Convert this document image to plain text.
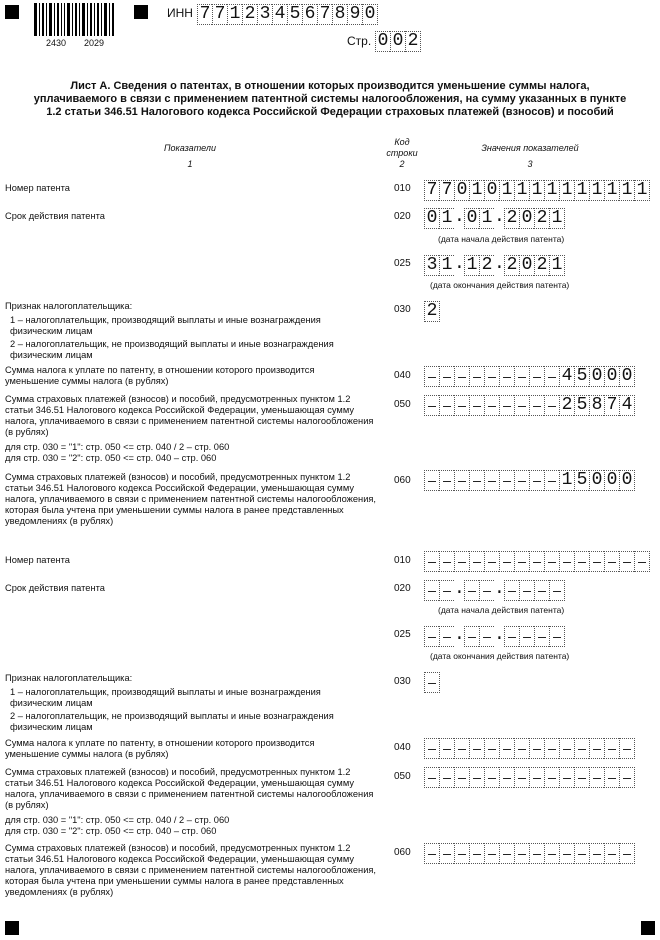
2430 2029
ИНН 7 7 1 2 3 4 5 6 7 8 9 0
Стр. 0 0 2
Лист А. Сведения о патентах, в отношении которых производится уменьшение суммы налога, уплачиваемого в связи с применением патентной системы налогообложения, на сумму указанных в пункте 1.2 статьи 346.51 Налогового кодекса Российской Федерации страховых платежей (взносов) и пособий
Показатели
1
Код строки
2
Значения показателей
3
Номер патента	010 7 7 0 1 0 1 1 1 1 1 1 1 1 1 1
Срок действия патента	020 0 1 . 0 1 . 2 0 2 1
(дата начала действия патента)
025 3 1 . 1 2 . 2 0 2 1
(дата окончания действия патента)
Признак налогоплательщика:	030 2
1 – налогоплательщик, производящий выплаты и иные вознаграждения физическим лицам
2 – налогоплательщик, не производящий выплаты и иные вознаграждения физическим лицам
Сумма налога к уплате по патенту, в отношении которого производится уменьшение суммы налога (в рублях)	040	4 5 0 0 0
Сумма страховых платежей (взносов) и пособий, предусмотренных пунктом 1.2 статьи 346.51 Налогового кодекса Российской Федерации, уменьшающая сумму налога, уплачиваемого в связи с применением патентной системы налогообложения (в рублях)
для стр. 030 = "1": стр. 050 <= стр. 040 / 2 – стр. 060
для стр. 030 = "2": стр. 050 <= стр. 040 – стр. 060
050	2 5 8 7 4
Сумма страховых платежей (взносов) и пособий, предусмотренных пунктом 1.2 статьи 346.51 Налогового кодекса Российской Федерации, уменьшающая сумму налога, уплачиваемого в связи с применением патентной системы налогообложения, которая была учтена при уменьшении суммы налога в ранее представленных уведомлениях (в рублях)
060	1 5 0 0 0
Номер патента	010
Срок действия патента	020 . .
(дата начала действия патента)
025 . .
(дата окончания действия патента)
Признак налогоплательщика:	030
1 – налогоплательщик, производящий выплаты и иные вознаграждения физическим лицам
2 – налогоплательщик, не производящий выплаты и иные вознаграждения физическим лицам
Сумма налога к уплате по патенту, в отношении которого производится уменьшение суммы налога (в рублях)
040
Сумма страховых платежей (взносов) и пособий, предусмотренных пунктом 1.2 статьи 346.51 Налогового кодекса Российской Федерации, уменьшающая сумму налога, уплачиваемого в связи с применением патентной системы налогообложения (в рублях)
для стр. 030 = "1": стр. 050 <= стр. 040 / 2 – стр. 060
для стр. 030 = "2": стр. 050 <= стр. 040 – стр. 060
050
Сумма страховых платежей (взносов) и пособий, предусмотренных пунктом 1.2 статьи 346.51 Налогового кодекса Российской Федерации, уменьшающая сумму налога, уплачиваемого в связи с применением патентной системы налогообложения, которая была учтена при уменьшении суммы налога в ранее представленных уведомлениях (в рублях)
060
